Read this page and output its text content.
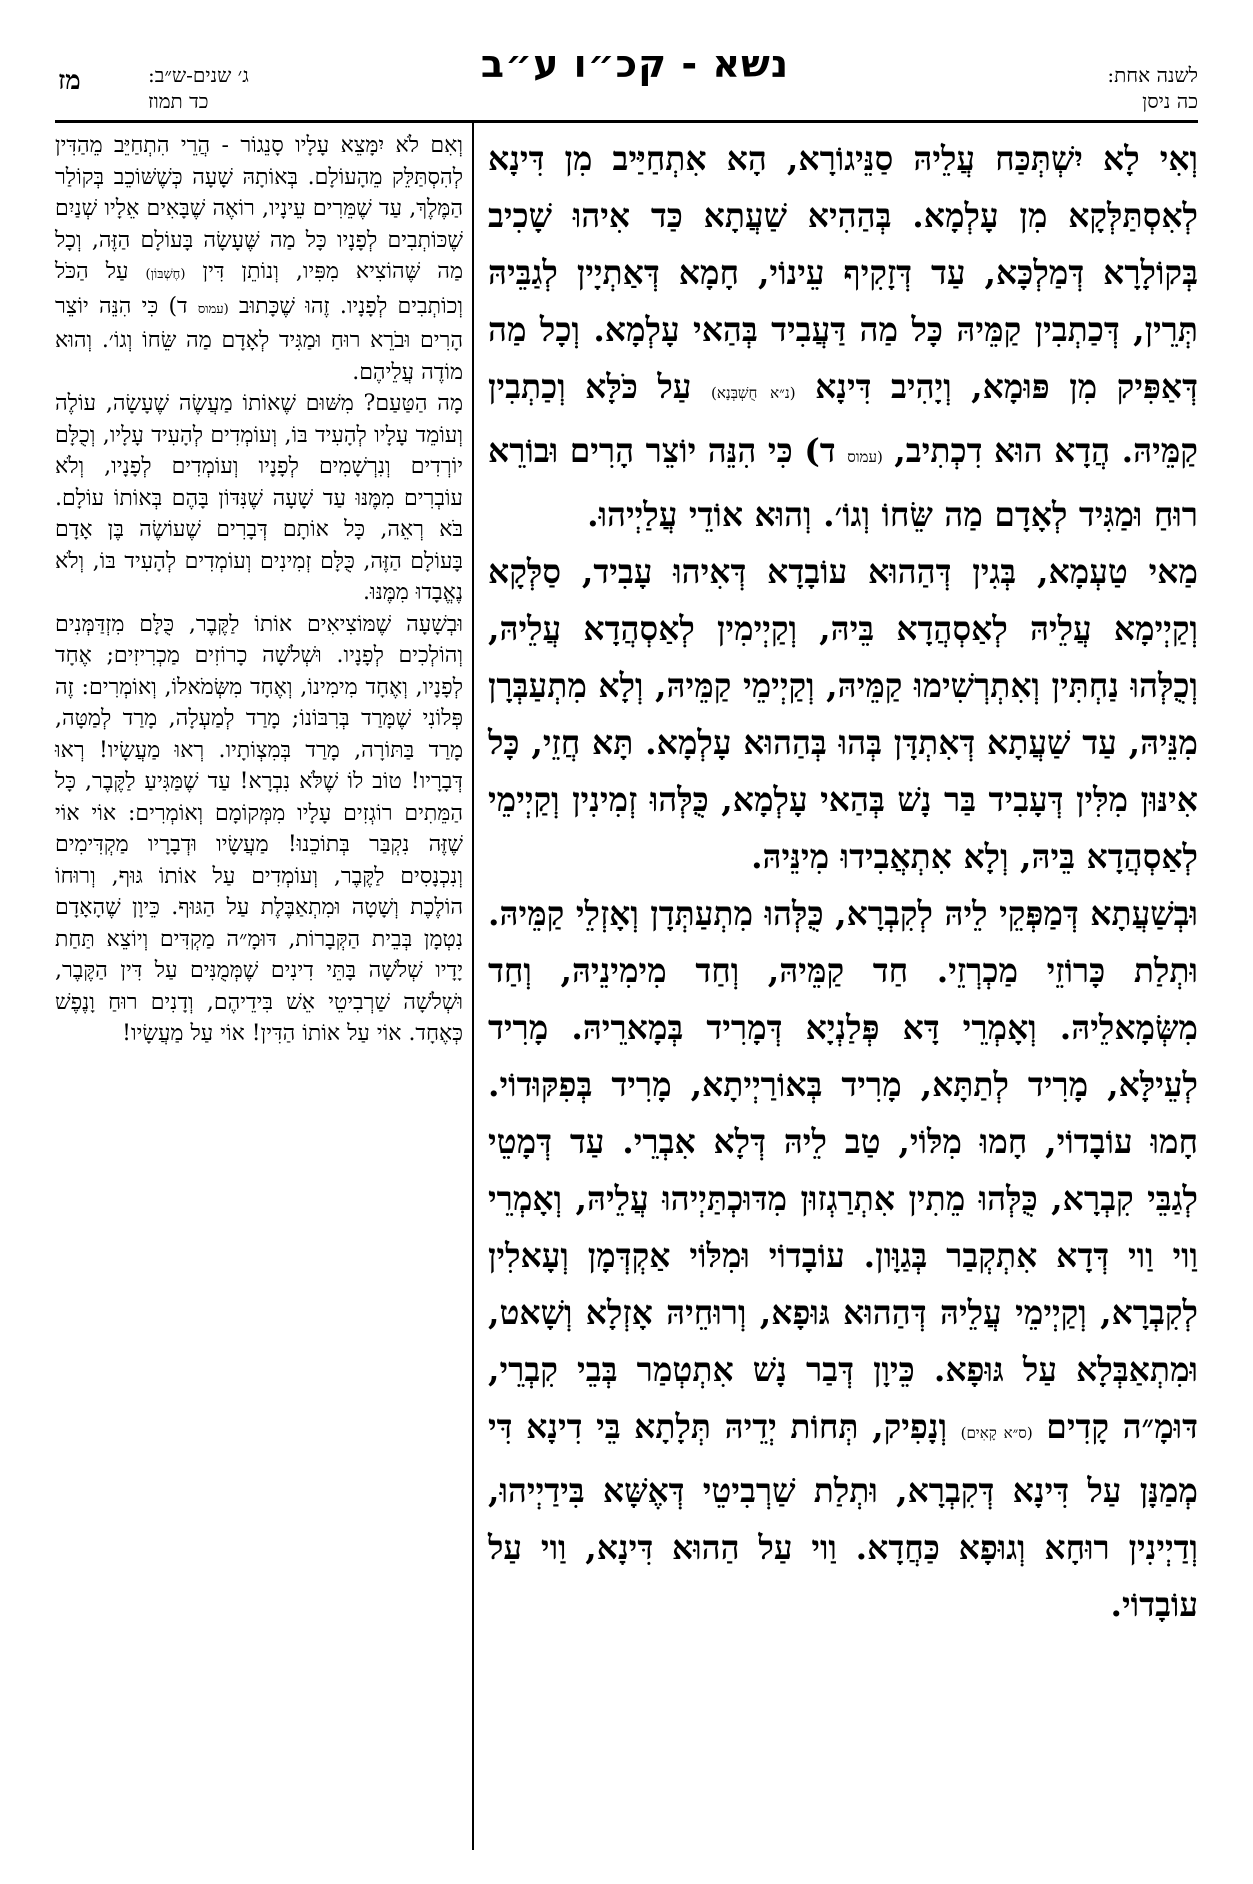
לשנה אחת:
כה ניסן
נשא - קכ״ו ע״ב
ג׳ שנים-ש״ב:
כד תמוז
מז

וְאִי לָא יִשְׁתְּכַּח עֲלֵיהּ סַנֵּיגוֹרָא, הָא אִתְחַיַּיב מִן דִּינָא לְאִסְתַּלְּקָא מִן עָלְמָא. בְּהַהִיא שַׁעֲתָא כַּד אִיהוּ שָׁכִיב בְּקוֹלָרָא דְּמַלְכָּא, עַד דְּזָקִיף עֵינוֹי, חָמָא דְּאַתְיָין לְגַבֵּיהּ תְּרֵין, דְּכַתְבִין קַמֵּיהּ כָּל מַה דַּעֲבִיד בְּהַאי עָלְמָא. וְכָל מַה דְּאַפִּיק מִן פּוּמָא, וְיָהִיב דִּינָא (נ״א חֻשְׁבְּנָא) עַל כֹּלָּא וְכַתְבִין קַמֵּיהּ. הֲדָא הוּא דִכְתִיב, (עמוס ד) כִּי הִנֵּה יוֹצֵר הָרִים וּבוֹרֵא רוּחַ וּמַגִּיד לְאָדָם מַה שֵּׂחוֹ וְגוֹ׳. וְהוּא אוֹדֵי עֲלַיְיהוּ.

מַאי טַעְמָא, בְּגִין דְּהַהוּא עוֹבָדָא דְּאִיהוּ עָבִיד, סַלְּקָא וְקַיְימָא עֲלֵיהּ לְאַסְהֲדָא בֵּיהּ, וְקַיְימִין לְאַסְהֲדָא עֲלֵיהּ, וְכֻלְּהוּ נַחְתִּין וְאִתְרְשִׁימוּ קַמֵּיהּ, וְקַיְימֵי קַמֵּיהּ, וְלָא מִתְעַבְּרָן מִנֵּיהּ, עַד שַׁעֲתָא דְּאִתְדָּן בְּהוּ בְּהַהוּא עָלְמָא. תָּא חֲזֵי, כָּל אִינּוּן מִלִּין דְּעָבִיד בַּר נָשׁ בְּהַאי עָלְמָא, כֻּלְּהוּ זְמִינִין וְקַיְימֵי לְאַסְהֲדָא בֵּיהּ, וְלָא אִתְאֲבִידוּ מִינֵּיהּ.

וּבְשַׁעֲתָא דְּמַפְּקֵי לֵיהּ לְקִבְרָא, כֻּלְּהוּ מִתְעַתְּדָן וְאָזְלֵי קַמֵּיהּ. וּתְלַת כָּרוֹזֵי מַכְרְזֵי. חַד קַמֵּיהּ, וְחַד מִימִינֵיהּ, וְחַד מִשְּׂמָאלֵיהּ. וְאָמְרֵי דָּא פְּלַנְיָא דְּמָרִיד בְּמָארֵיהּ. מָרִיד לְעֵילָּא, מָרִיד לְתַתָּא, מָרִיד בְּאוֹרַיְיתָא, מָרִיד בְּפִקּוּדוֹי. חָמוּ עוֹבָדוֹי, חָמוּ מִלּוֹי, טַב לֵיהּ דְּלָא אִבְרֵי. עַד דְּמָטֵי לְגַבֵּי קִבְרָא, כֻּלְּהוּ מֵתִין אִתְרַגְזוּן מִדּוּכְתַּיְיהוּ עֲלֵיהּ, וְאָמְרֵי וַוי וַוי דְּדָא אִתְקְבַר בְּגַוָּון. עוֹבָדוֹי וּמִלּוֹי אַקְדְּמָן וְעָאלִין לְקִבְרָא, וְקַיְימֵי עֲלֵיהּ דְּהַהוּא גּוּפָא, וְרוּחֵיהּ אָזְלָא וְשָׁאט, וּמִתְאַבְּלָא עַל גּוּפָא. כֵּיוָן דְּבַר נָשׁ אִתְטְמַר בְּבֵי קִבְרֵי, דּוּמָ״ה קָדִים (ס״א קָאִים) וְנָפִיק, תְּחוֹת יְדֵיהּ תְּלָתָא בֵּי דִינָא דִּי מְמַנָּן עַל דִּינָא דְּקִבְרָא, וּתְלַת שַׁרְבִיטֵי דְּאֶשָּׁא בִּידַיְיהוּ, וְדַיְינִין רוּחָא וְגוּפָא כַּחֲדָא. וַוי עַל הַהוּא דִּינָא, וַוי עַל עוֹבָדוֹי.

וְאִם לֹא יִמָּצֵא עָלָיו סָנֵגוֹר - הֲרֵי הִתְחַיֵּב מֵהַדִּין לְהִסְתַּלֵּק מֵהָעוֹלָם. בְּאוֹתָהּ שָׁעָה כְּשֶׁשּׁוֹכֵב בְּקוֹלַר הַמֶּלֶךְ, עַד שֶׁמֵּרִים עֵינָיו, רוֹאֶה שֶׁבָּאִים אֵלָיו שְׁנַיִם שֶׁכּוֹתְבִים לְפָנָיו כָּל מַה שֶּׁעָשָׂה בָּעוֹלָם הַזֶּה, וְכָל מַה שֶּׁהוֹצִיא מִפִּיו, וְנוֹתֵן דִּין (חֶשְׁבּוֹן) עַל הַכֹּל וְכוֹתְבִים לְפָנָיו. זֶהוּ שֶׁכָּתוּב (עמוס ד) כִּי הִנֵּה יוֹצֵר הָרִים וּבֹרֵא רוּחַ וּמַגִּיד לְאָדָם מַה שֵּׂחוֹ וְגוֹ׳. וְהוּא מוֹדֶה עֲלֵיהֶם.

מָה הַטַּעַם? מִשּׁוּם שֶׁאוֹתוֹ מַעֲשֶׂה שֶׁעָשָׂה, עוֹלֶה וְעוֹמֵד עָלָיו לְהָעִיד בּוֹ, וְעוֹמְדִים לְהָעִיד עָלָיו, וְכֻלָּם יוֹרְדִים וְנִרְשָׁמִים לְפָנָיו וְעוֹמְדִים לְפָנָיו, וְלֹא עוֹבְרִים מִמֶּנּוּ עַד שָׁעָה שֶׁנִּדּוֹן בָּהֶם בְּאוֹתוֹ עוֹלָם. בֹּא רְאֵה, כָּל אוֹתָם דְּבָרִים שֶׁעוֹשֶׂה בֶּן אָדָם בָּעוֹלָם הַזֶּה, כֻּלָּם זְמִינִים וְעוֹמְדִים לְהָעִיד בּוֹ, וְלֹא נֶאֱבָדוּ מִמֶּנּוּ.

וּבְשָׁעָה שֶׁמּוֹצִיאִים אוֹתוֹ לַקֶּבֶר, כֻּלָּם מִזְדַּמְּנִים וְהוֹלְכִים לְפָנָיו. וּשְׁלֹשָׁה כָרוֹזִים מַכְרִיזִים; אֶחָד לְפָנָיו, וְאֶחָד מִימִינוֹ, וְאֶחָד מִשְּׂמֹאלוֹ, וְאוֹמְרִים: זֶה פְּלוֹנִי שֶׁמָּרַד בְּרִבּוֹנוֹ; מָרַד לְמַעְלָה, מָרַד לְמַטָּה, מָרַד בַּתּוֹרָה, מָרַד בְּמִצְוֹתָיו. רְאוּ מַעֲשָׂיו! רְאוּ דְּבָרָיו! טוֹב לוֹ שֶׁלֹּא נִבְרָא! עַד שֶׁמַּגִּיעַ לַקֶּבֶר, כָּל הַמֵּתִים רוֹגְזִים עָלָיו מִמְּקוֹמָם וְאוֹמְרִים: אוֹי אוֹי שֶׁזֶּה נִקְבַּר בְּתוֹכֵנוּ! מַעֲשָׂיו וּדְבָרָיו מַקְדִּימִים וְנִכְנָסִים לַקֶּבֶר, וְעוֹמְדִים עַל אוֹתוֹ גּוּף, וְרוּחוֹ הוֹלֶכֶת וְשָׁטָה וּמִתְאַבֶּלֶת עַל הַגּוּף. כֵּיוָן שֶׁהָאָדָם נִטְמָן בְּבֵית הַקְּבָרוֹת, דּוּמָ״ה מַקְדִּים וְיוֹצֵא תַּחַת יָדָיו שְׁלֹשָׁה בָּתֵּי דִינִים שֶׁמְּמֻנִּים עַל דִּין הַקֶּבֶר, וּשְׁלֹשָׁה שַׁרְבִיטֵי אֵשׁ בִּידֵיהֶם, וְדָנִים רוּחַ וָנֶפֶשׁ כְּאֶחָד. אוֹי עַל אוֹתוֹ הַדִּין! אוֹי עַל מַעֲשָׂיו!
